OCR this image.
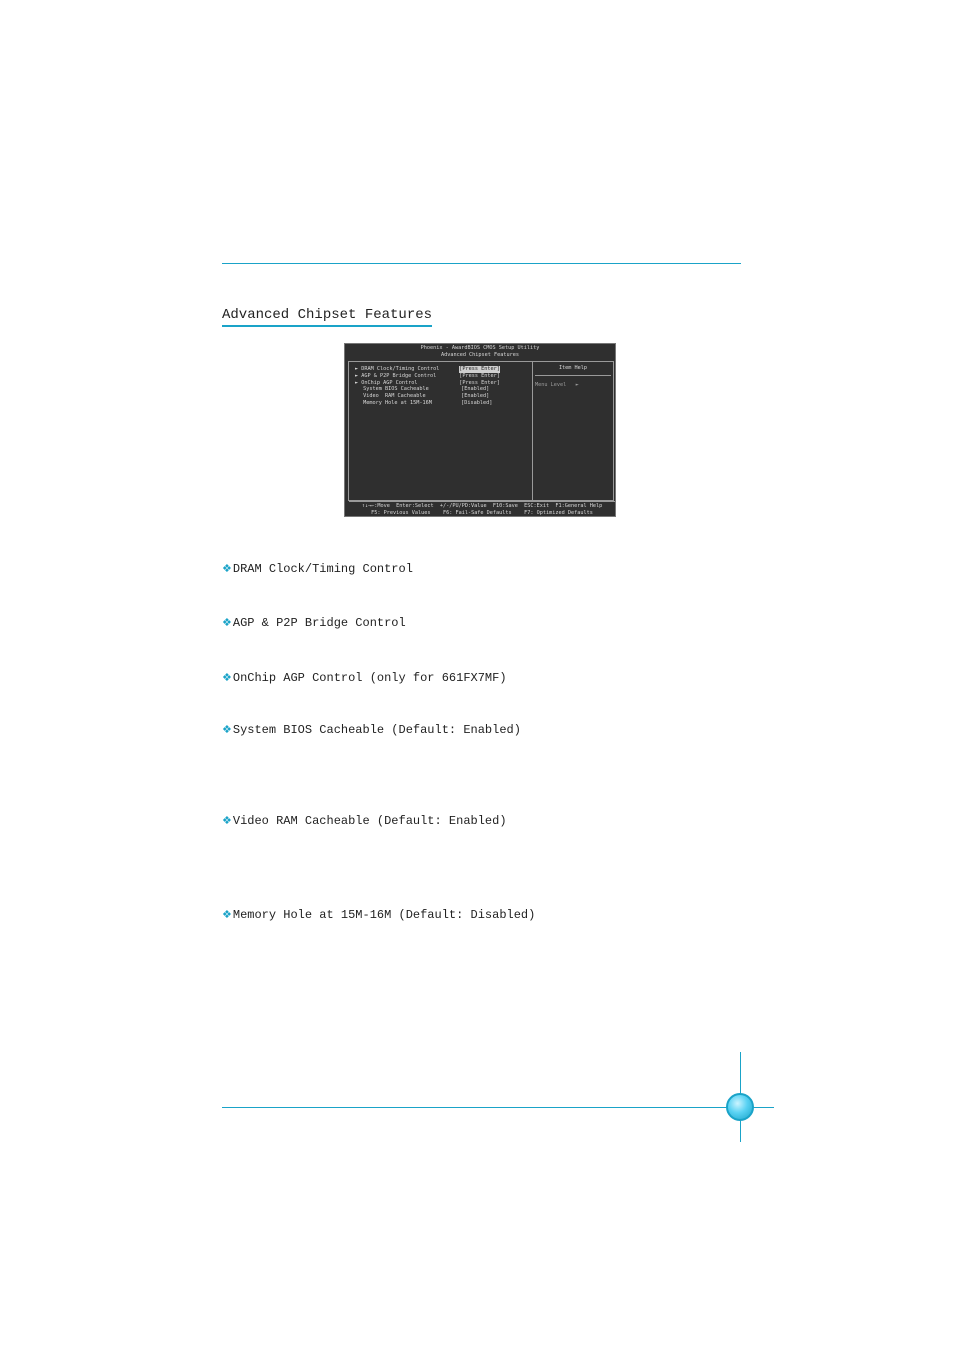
Advanced Chipset Features
Phoenix - AwardBIOS CMOS Setup Utility
Advanced Chipset Features
► DRAM Clock/Timing Control	[Press Enter]
► AGP & P2P Bridge Control	[Press Enter]
► OnChip AGP Control	[Press Enter]
System BIOS Cacheable	[Enabled]
Video  RAM Cacheable	[Enabled]
Memory Hole at 15M-16M	[Disabled]
Item Help
Menu Level   ►
↑↓→←:Move  Enter:Select  +/-/PU/PD:Value  F10:Save  ESC:Exit  F1:General Help
F5: Previous Values    F6: Fail-Safe Defaults    F7: Optimized Defaults
❖DRAM Clock/Timing Control
❖AGP & P2P Bridge Control
❖OnChip AGP Control (only for 661FX7MF)
❖System BIOS Cacheable (Default: Enabled)
❖Video RAM Cacheable (Default: Enabled)
❖Memory Hole at 15M-16M (Default: Disabled)
